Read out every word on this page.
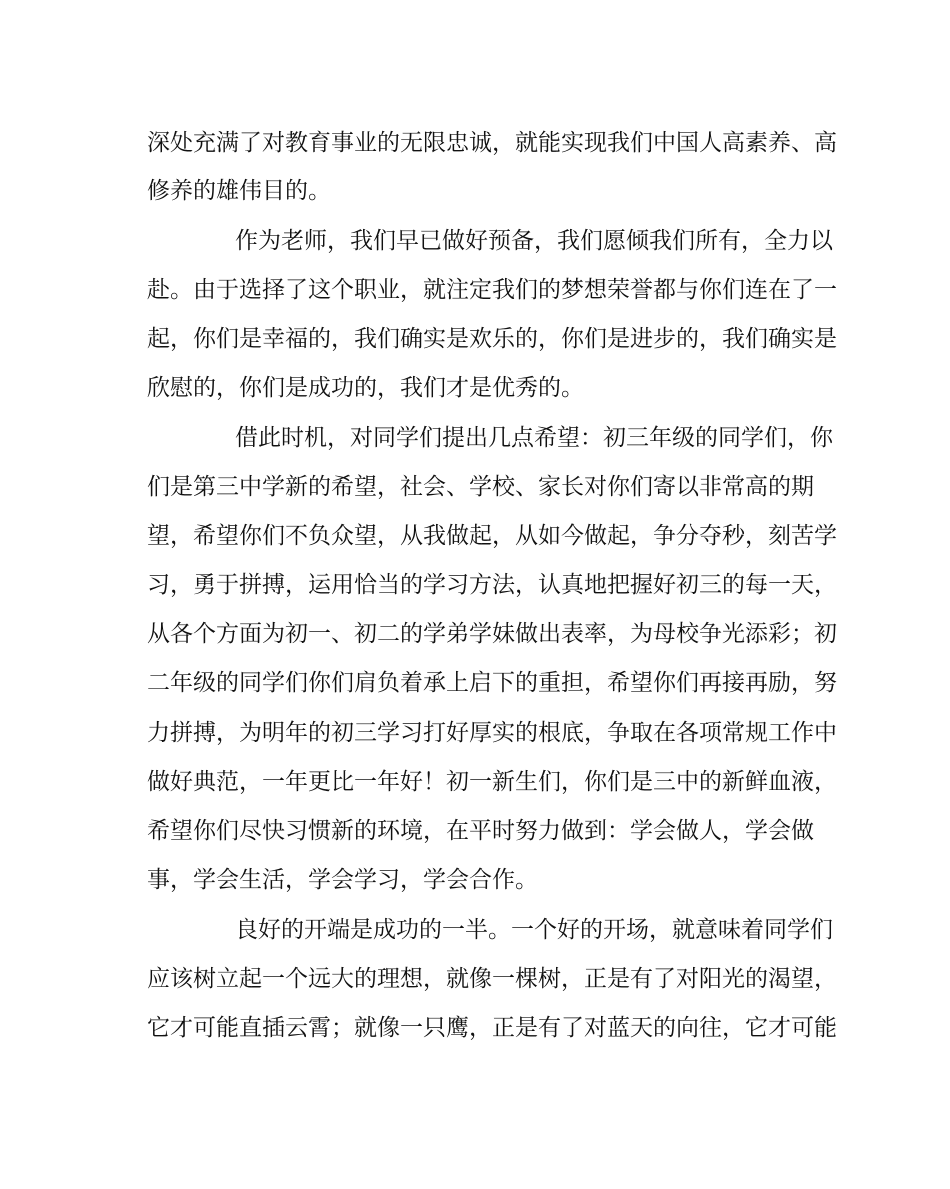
深处充满了对教育事业的无限忠诚，就能实现我们中国人高素养、高
修养的雄伟目的。
作为老师，我们早已做好预备，我们愿倾我们所有，全力以
赴。由于选择了这个职业，就注定我们的梦想荣誉都与你们连在了一
起，你们是幸福的，我们确实是欢乐的，你们是进步的，我们确实是
欣慰的，你们是成功的，我们才是优秀的。
借此时机，对同学们提出几点希望：初三年级的同学们，你
们是第三中学新的希望，社会、学校、家长对你们寄以非常高的期
望，希望你们不负众望，从我做起，从如今做起，争分夺秒，刻苦学
习，勇于拼搏，运用恰当的学习方法，认真地把握好初三的每一天，
从各个方面为初一、初二的学弟学妹做出表率，为母校争光添彩；初
二年级的同学们你们肩负着承上启下的重担，希望你们再接再励，努
力拼搏，为明年的初三学习打好厚实的根底，争取在各项常规工作中
做好典范，一年更比一年好！初一新生们，你们是三中的新鲜血液，
希望你们尽快习惯新的环境，在平时努力做到：学会做人，学会做
事，学会生活，学会学习，学会合作。
良好的开端是成功的一半。一个好的开场，就意味着同学们
应该树立起一个远大的理想，就像一棵树，正是有了对阳光的渴望，
它才可能直插云霄；就像一只鹰，正是有了对蓝天的向往，它才可能
